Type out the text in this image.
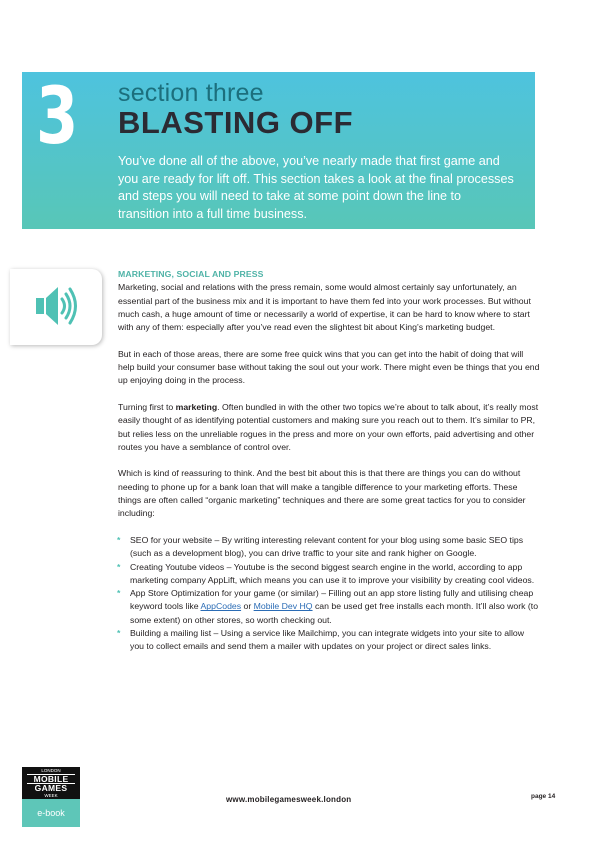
3 section three
BLASTING OFF
You’ve done all of the above, you’ve nearly made that first game and you are ready for lift off. This section takes a look at the final processes and steps you will need to take at some point down the line to transition into a full time business.
MARKETING, SOCIAL AND PRESS

Marketing, social and relations with the press remain, some would almost certainly say unfortunately, an essential part of the business mix and it is important to have them fed into your work processes. But without much cash, a huge amount of time or necessarily a world of expertise, it can be hard to know where to start with any of them: especially after you’ve read even the slightest bit about King’s marketing budget.

But in each of those areas, there are some free quick wins that you can get into the habit of doing that will help build your consumer base without taking the soul out your work. There might even be things that you end up enjoying doing in the process.

Turning first to marketing. Often bundled in with the other two topics we’re about to talk about, it’s really most easily thought of as identifying potential customers and making sure you reach out to them. It’s similar to PR, but relies less on the unreliable rogues in the press and more on your own efforts, paid advertising and other routes you have a semblance of control over.

Which is kind of reassuring to think. And the best bit about this is that there are things you can do without needing to phone up for a bank loan that will make a tangible difference to your marketing efforts. These things are often called “organic marketing” techniques and there are some great tactics for you to consider including:

* SEO for your website – By writing interesting relevant content for your blog using some basic SEO tips (such as a development blog), you can drive traffic to your site and rank higher on Google.
* Creating Youtube videos – Youtube is the second biggest search engine in the world, according to app marketing company AppLift, which means you can use it to improve your visibility by creating cool videos.
* App Store Optimization for your game (or similar) – Filling out an app store listing fully and utilising cheap keyword tools like AppCodes or Mobile Dev HQ can be used get free installs each month. It’ll also work (to some extent) on other stores, so worth checking out.
* Building a mailing list – Using a service like Mailchimp, you can integrate widgets into your site to allow you to collect emails and send them a mailer with updates on your project or direct sales links.
LONDON
MOBILE
GAMES
WEEK
e-book
www.mobilegamesweek.london	page 14
